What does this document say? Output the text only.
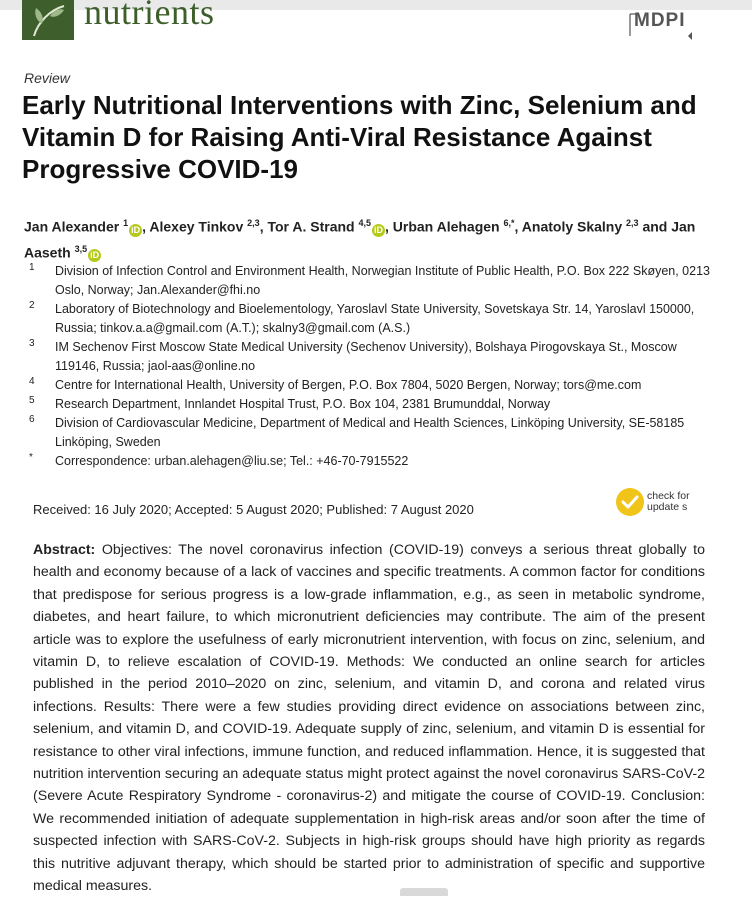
nutrients	MDPI
Review
Early Nutritional Interventions with Zinc, Selenium and Vitamin D for Raising Anti-Viral Resistance Against Progressive COVID-19
Jan Alexander $^1$iD , Alexey Tinkov $^{2,3}$, Tor A. Strand $^{4,5}$iD , Urban Alehagen $^{6,*}$, Anatoly Skalny $^{2,3}$ and Jan Aaseth $^{3,5}$iD
1 Division of Infection Control and Environment Health, Norwegian Institute of Public Health, P.O. Box 222 Skøyen, 0213 Oslo, Norway; Jan.Alexander@fhi.no
2 Laboratory of Biotechnology and Bioelementology, Yaroslavl State University, Sovetskaya Str. 14, Yaroslavl 150000, Russia; tinkov.a.a@gmail.com (A.T.); skalny3@gmail.com (A.S.)
3 IM Sechenov First Moscow State Medical University (Sechenov University), Bolshaya Pirogovskaya St., Moscow 119146, Russia; jaol-aas@online.no
4 Centre for International Health, University of Bergen, P.O. Box 7804, 5020 Bergen, Norway; tors@me.com
5 Research Department, Innlandet Hospital Trust, P.O. Box 104, 2381 Brumunddal, Norway
6 Division of Cardiovascular Medicine, Department of Medical and Health Sciences, Linköping University, SE-58185 Linköping, Sweden
* Correspondence: urban.alehagen@liu.se; Tel.: +46-70-7915522
Received: 16 July 2020; Accepted: 5 August 2020; Published: 7 August 2020
check for
update s

Abstract: Objectives: The novel coronavirus infection (COVID-19) conveys a serious threat globally to health and economy because of a lack of vaccines and specific treatments. A common factor for conditions that predispose for serious progress is a low-grade inflammation, e.g., as seen in metabolic syndrome, diabetes, and heart failure, to which micronutrient deficiencies may contribute. The aim of the present article was to explore the usefulness of early micronutrient intervention, with focus on zinc, selenium, and vitamin D, to relieve escalation of COVID-19. Methods: We conducted an online search for articles published in the period 2010–2020 on zinc, selenium, and vitamin D, and corona and related virus infections. Results: There were a few studies providing direct evidence on associations between zinc, selenium, and vitamin D, and COVID-19. Adequate supply of zinc, selenium, and vitamin D is essential for resistance to other viral infections, immune function, and reduced inflammation. Hence, it is suggested that nutrition intervention securing an adequate status might protect against the novel coronavirus SARS-CoV-2 (Severe Acute Respiratory Syndrome - coronavirus-2) and mitigate the course of COVID-19. Conclusion: We recommended initiation of adequate supplementation in high-risk areas and/or soon after the time of suspected infection with SARS-CoV-2. Subjects in high-risk groups should have high priority as regards this nutritive adjuvant therapy, which should be started prior to administration of specific and supportive medical measures.
